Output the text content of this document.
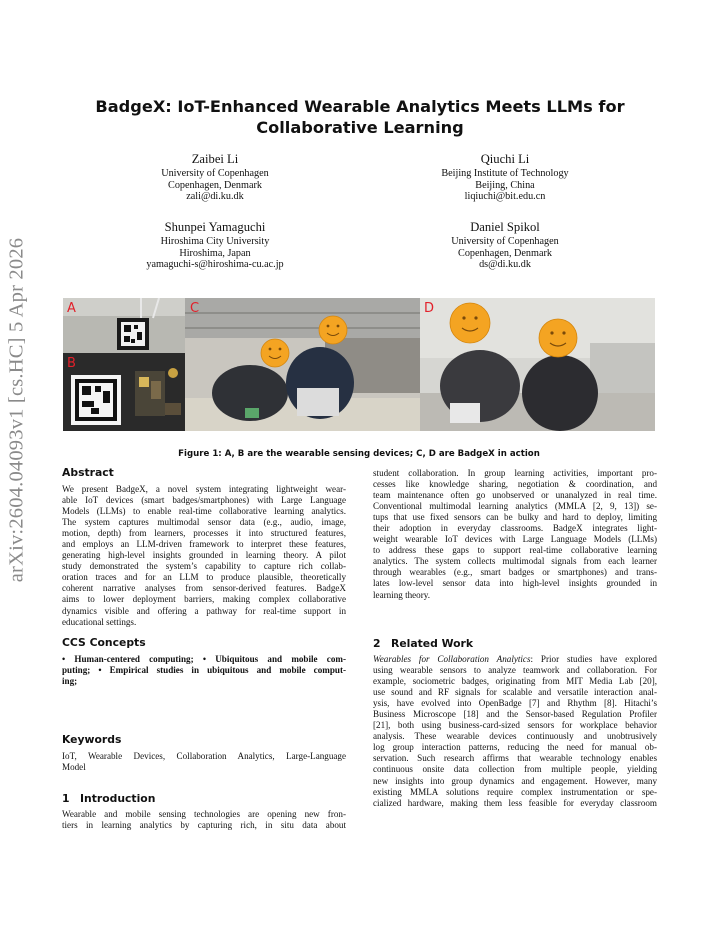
arXiv:2604.04093v1 [cs.HC] 5 Apr 2026
BadgeX: IoT-Enhanced Wearable Analytics Meets LLMs for
Collaborative Learning
Zaibei Li
University of Copenhagen
Copenhagen, Denmark
zali@di.ku.dk
Qiuchi Li
Beijing Institute of Technology
Beijing, China
liqiuchi@bit.edu.cn
Shunpei Yamaguchi
Hiroshima City University
Hiroshima, Japan
yamaguchi-s@hiroshima-cu.ac.jp
Daniel Spikol
University of Copenhagen
Copenhagen, Denmark
ds@di.ku.dk
A
B
C	D
Figure 1: A, B are the wearable sensing devices; C, D are BadgeX in action
Abstract
We present BadgeX, a novel system integrating lightweight wear-
able IoT devices (smart badges/smartphones) with Large Language
Models (LLMs) to enable real-time collaborative learning analytics.
The system captures multimodal sensor data (e.g., audio, image,
motion, depth) from learners, processes it into structured features,
and employs an LLM-driven framework to interpret these features,
generating high-level insights grounded in learning theory. A pilot
study demonstrated the system’s capability to capture rich collab-
oration traces and for an LLM to produce plausible, theoretically
coherent narrative analyses from sensor-derived features. BadgeX
aims to lower deployment barriers, making complex collaborative
dynamics visible and offering a pathway for real-time support in
educational settings.
CCS Concepts
• Human-centered computing; • Ubiquitous and mobile com-
puting; • Empirical studies in ubiquitous and mobile comput-
ing;
Keywords
IoT, Wearable Devices, Collaboration Analytics, Large-Language
Model
1 Introduction
Wearable and mobile sensing technologies are opening new fron-
tiers in learning analytics by capturing rich, in situ data about
student collaboration. In group learning activities, important pro-
cesses like knowledge sharing, negotiation & coordination, and
team maintenance often go unobserved or unanalyzed in real time.
Conventional multimodal learning analytics (MMLA [2, 9, 13]) se-
tups that use fixed sensors can be bulky and hard to deploy, limiting
their adoption in everyday classrooms. BadgeX integrates light-
weight wearable IoT devices with Large Language Models (LLMs)
to address these gaps to support real-time collaborative learning
analytics. The system collects multimodal signals from each learner
through wearables (e.g., smart badges or smartphones) and trans-
lates low-level sensor data into high-level insights grounded in
learning theory.
2 Related Work
Wearables for Collaboration Analytics: Prior studies have explored
using wearable sensors to analyze teamwork and collaboration. For
example, sociometric badges, originating from MIT Media Lab [20],
use sound and RF signals for scalable and versatile interaction anal-
ysis, have evolved into OpenBadge [7] and Rhythm [8]. Hitachi’s
Business Microscope [18] and the Sensor-based Regulation Profiler
[21], both using business-card-sized sensors for workplace behavior
analysis. These wearable devices continuously and unobtrusively
log group interaction patterns, reducing the need for manual ob-
servation. Such research affirms that wearable technology enables
continuous onsite data collection from multiple people, yielding
new insights into group dynamics and engagement. However, many
existing MMLA solutions require complex instrumentation or spe-
cialized hardware, making them less feasible for everyday classroom
